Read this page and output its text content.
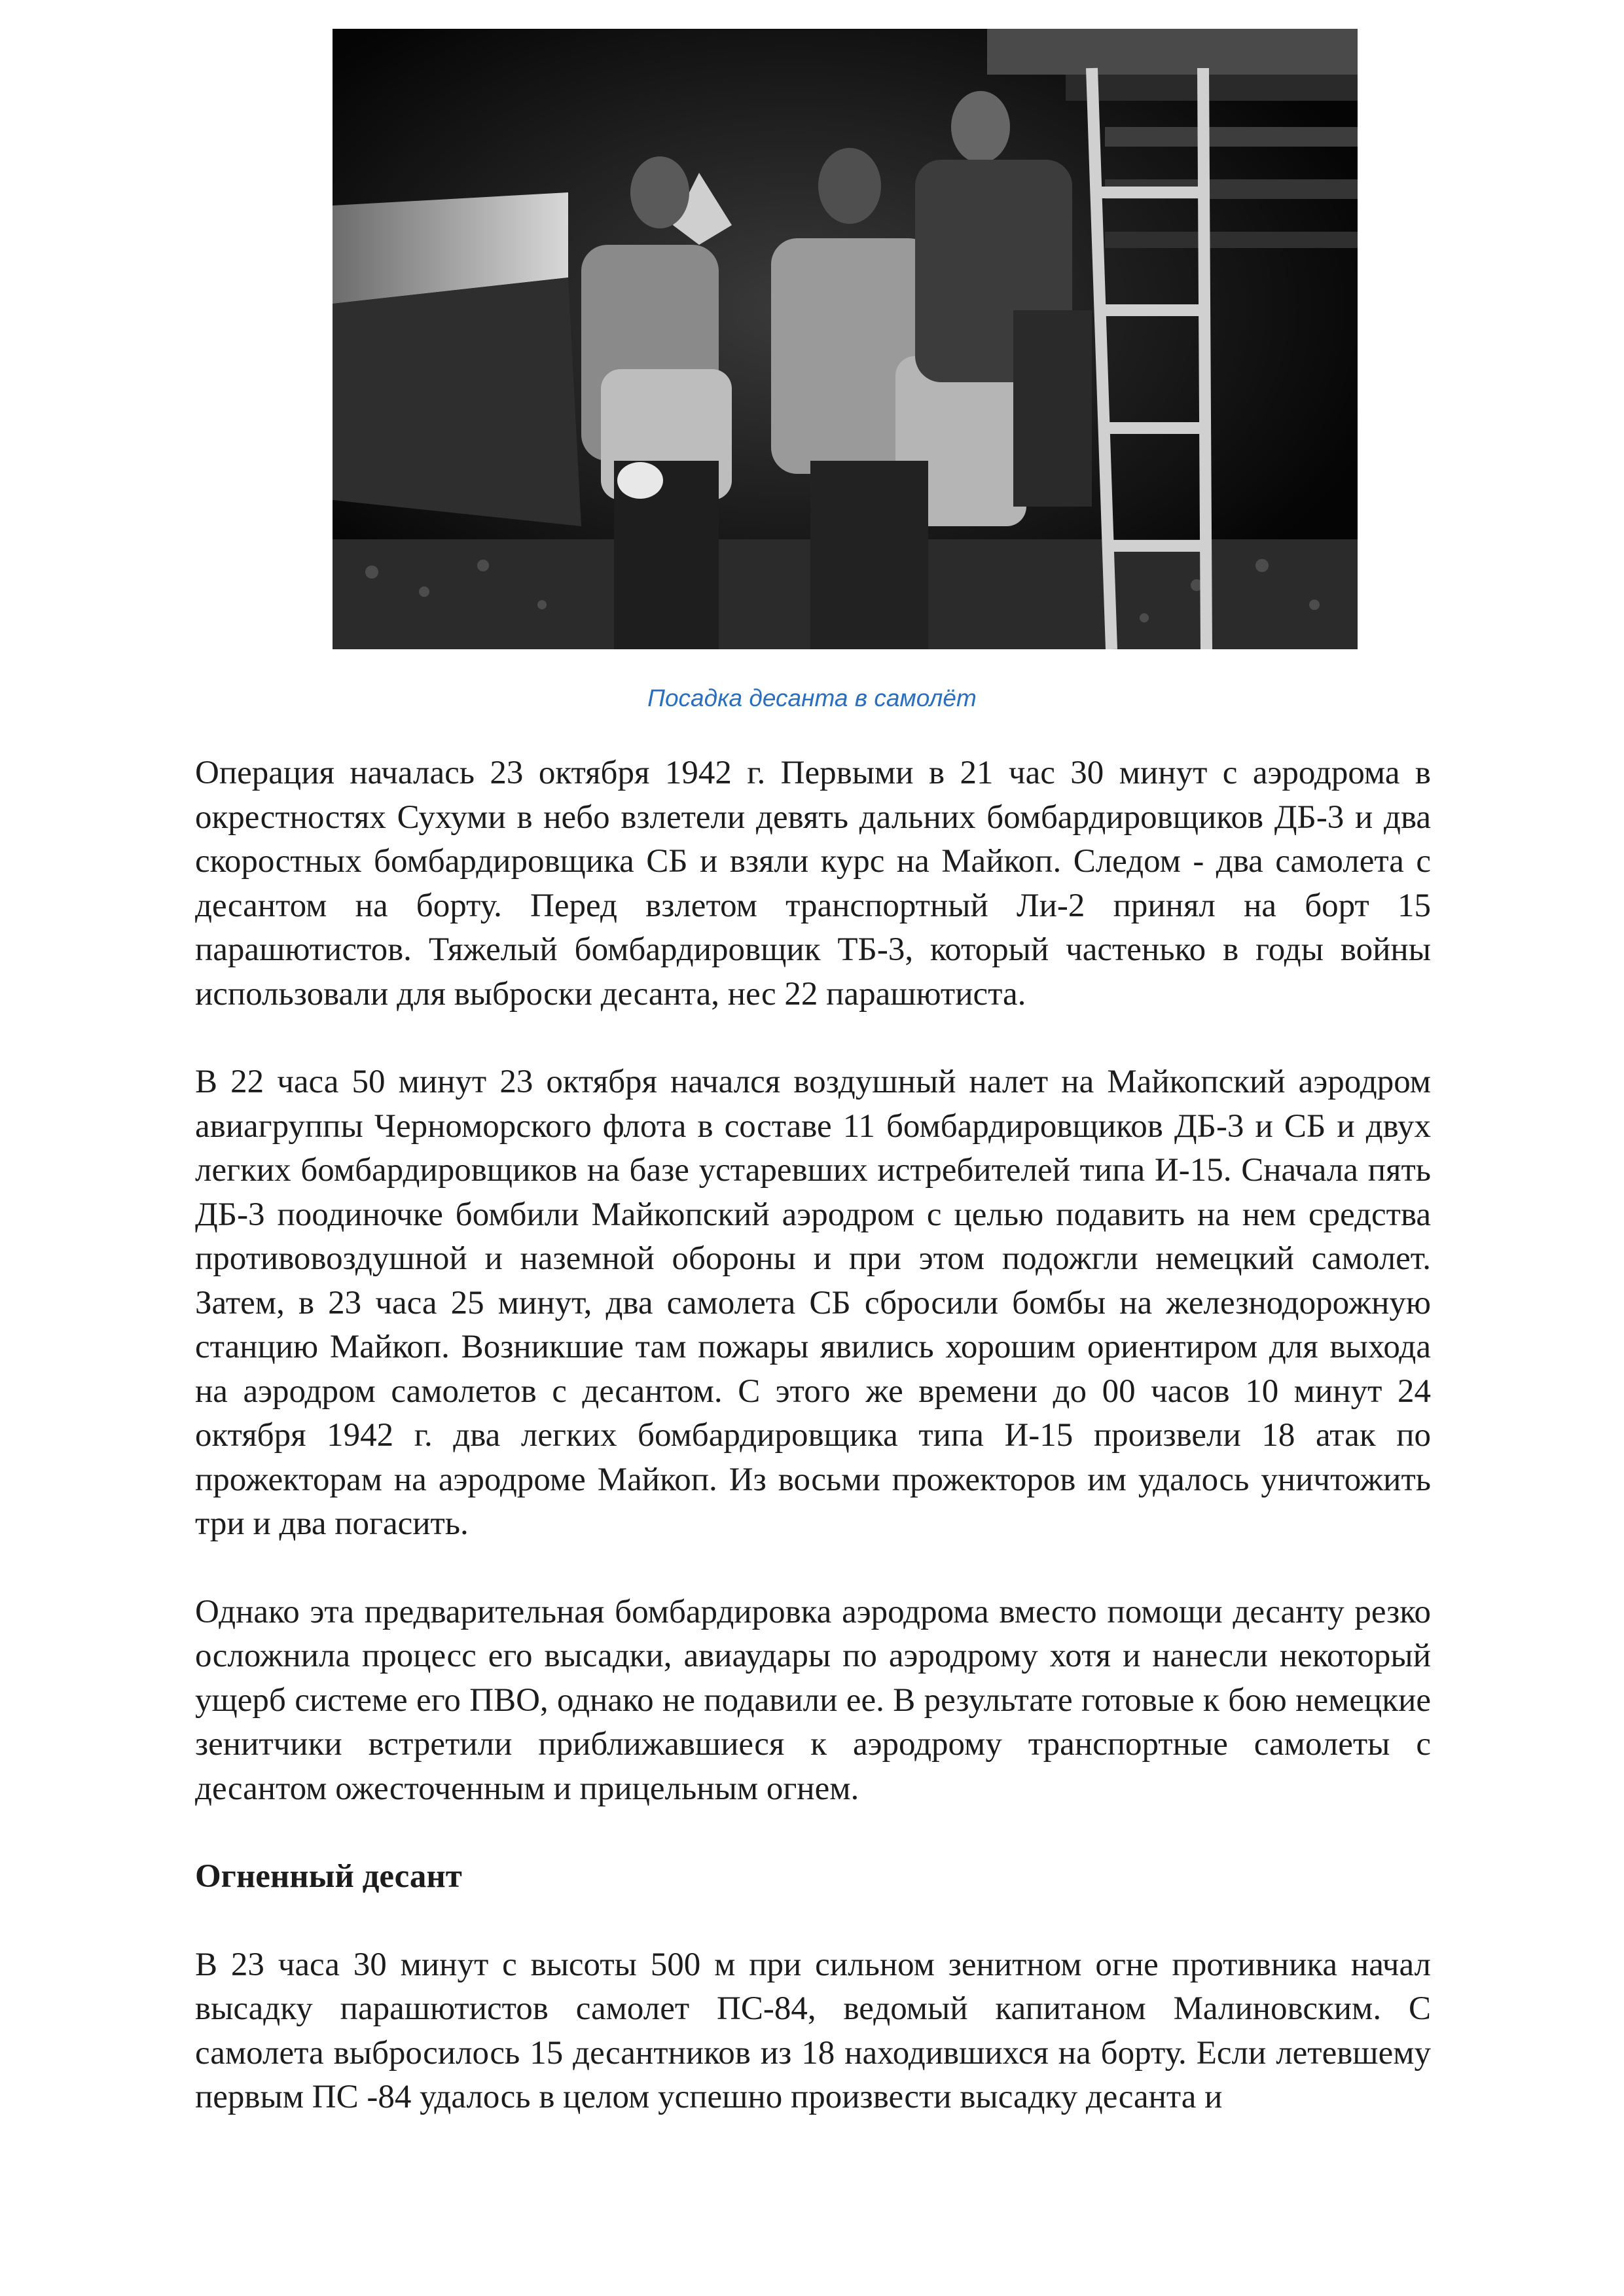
Посадка десанта в самолёт

Операция началась 23 октября 1942 г. Первыми в 21 час 30 минут с аэродрома в окрестностях Сухуми в небо взлетели девять дальних бомбардировщиков ДБ-3 и два скоростных бомбардировщика СБ и взяли курс на Майкоп. Следом - два самолета с десантом на борту. Перед взлетом транспортный Ли-2 принял на борт 15 парашютистов. Тяжелый бомбардировщик ТБ-3, который частенько в годы войны использовали для выброски десанта, нес 22 парашютиста.

В 22 часа 50 минут 23 октября начался воздушный налет на Майкопский аэродром авиагруппы Черноморского флота в составе 11 бомбардировщиков ДБ-3 и СБ и двух легких бомбардировщиков на базе устаревших истребителей типа И-15. Сначала пять ДБ-3 поодиночке бомбили Майкопский аэродром с целью подавить на нем средства противовоздушной и наземной обороны и при этом подожгли немецкий самолет. Затем, в 23 часа 25 минут, два самолета СБ сбросили бомбы на железнодорожную станцию Майкоп. Возникшие там пожары явились хорошим ориентиром для выхода на аэродром самолетов с десантом. С этого же времени до 00 часов 10 минут 24 октября 1942 г. два легких бомбардировщика типа И-15 произвели 18 атак по прожекторам на аэродроме Майкоп. Из восьми прожекторов им удалось уничтожить три и два погасить.

Однако эта предварительная бомбардировка аэродрома вместо помощи десанту резко осложнила процесс его высадки, авиаудары по аэродрому хотя и нанесли некоторый ущерб системе его ПВО, однако не подавили ее. В результате готовые к бою немецкие зенитчики встретили приближавшиеся к аэродрому транспортные самолеты с десантом ожесточенным и прицельным огнем.

Огненный десант

В 23 часа 30 минут с высоты 500 м при сильном зенитном огне противника начал высадку парашютистов самолет ПС-84, ведомый капитаном Малиновским. С самолета выбросилось 15 десантников из 18 находившихся на борту. Если летевшему первым ПС -84 удалось в целом успешно произвести высадку десанта и
